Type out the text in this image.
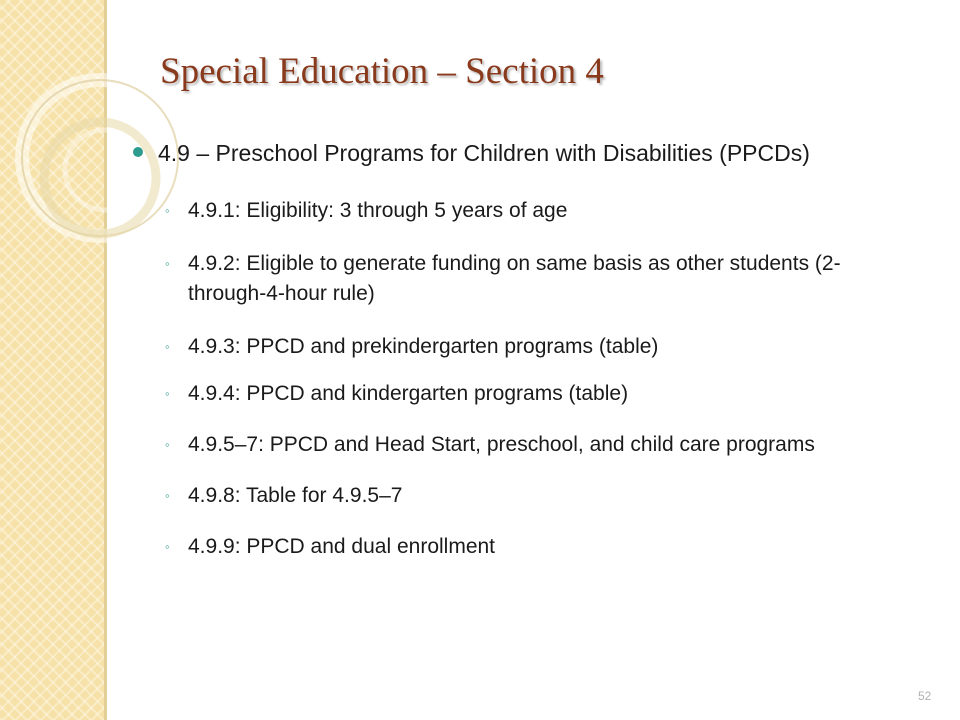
Special Education – Section 4
4.9 – Preschool Programs for Children with Disabilities (PPCDs)
◦ 4.9.1: Eligibility: 3 through 5 years of age
◦ 4.9.2: Eligible to generate funding on same basis as other students (2-through-4-hour rule)
◦ 4.9.3: PPCD and prekindergarten programs (table)
◦ 4.9.4: PPCD and kindergarten programs (table)
◦ 4.9.5–7: PPCD and Head Start, preschool, and child care programs
◦ 4.9.8: Table for 4.9.5–7
◦ 4.9.9: PPCD and dual enrollment
52
